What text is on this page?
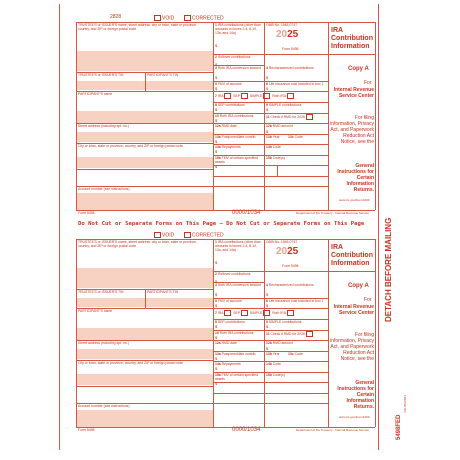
2828	VOID	CORRECTED
TRUSTEE'S or ISSUER'S name, street address, city or town, state or province, country, and ZIP or foreign postal code
TRUSTEE'S or ISSUER'S TIN	PARTICIPANT'S TIN
PARTICIPANT'S name
Street address (including apt. no.)
City or town, state or province, country, and ZIP or foreign postal code
Account number (see instructions)
1 IRA contributions (other than amounts in boxes 2-4, 8-10, 13a, and 14a)
$
2 Rollover contributions
$
3 Roth IRA conversion amount
$
4 Recharacterized contributions
$
5 FMV of account
$
6 Life insurance cost included in box 1
$
7 IRA	SEP	SIMPLE	Roth IRA
8 SEP contributions
$
9 SIMPLE contributions
$
10 Roth IRA contributions
$
11 Check if RMD for 2026
12a RMD date	12b RMD amount
$
13a Postponed/late contrib.
$
13b Year 13c Code
14a Repayments
$
14b Code
15a FMV of certain specified assets
$
15b Code(s)
OMB No. 1545-0747
2025
Form 5498
IRA
Contribution
Information
Copy A
For
Internal Revenue Service Center
For filing information, Privacy Act, and Paperwork Reduction Act Notice, see the
General Instructions for Certain Information Returns.
www.irs.gov/Form1099
Form 5498	0000/1034	Department of the Treasury - Internal Revenue Service
Do Not Cut or Separate Forms on This Page — Do Not Cut or Separate Forms on This Page
VOID	CORRECTED
TRUSTEE'S or ISSUER'S name, street address, city or town, state or province, country, and ZIP or foreign postal code
TRUSTEE'S or ISSUER'S TIN	PARTICIPANT'S TIN
PARTICIPANT'S name
Street address (including apt. no.)
City or town, state or province, country, and ZIP or foreign postal code
Account number (see instructions)
1 IRA contributions (other than amounts in boxes 2-4, 8-10, 13a, and 14a)
$
2 Rollover contributions
$
3 Roth IRA conversion amount
$
4 Recharacterized contributions
$
5 FMV of account
$
6 Life insurance cost included in box 1
$
7 IRA	SEP	SIMPLE	Roth IRA
8 SEP contributions
$
9 SIMPLE contributions
$
10 Roth IRA contributions
$
11 Check if RMD for 2026
12a RMD date	12b RMD amount
$
13a Postponed/late contrib.
$
13b Year 13c Code
14a Repayments
$
14b Code
15a FMV of certain specified assets
$
15b Code(s)
OMB No. 1545-0747
2025
Form 5498
IRA
Contribution
Information
Copy A
For
Internal Revenue Service Center
For filing information, Privacy Act, and Paperwork Reduction Act Notice, see the
General Instructions for Certain Information Returns.
www.irs.gov/Form1099
Form 5498	0000/1034	Department of the Treasury - Internal Revenue Service
DETACH BEFORE MAILING
5498FED
VID 25A0864
